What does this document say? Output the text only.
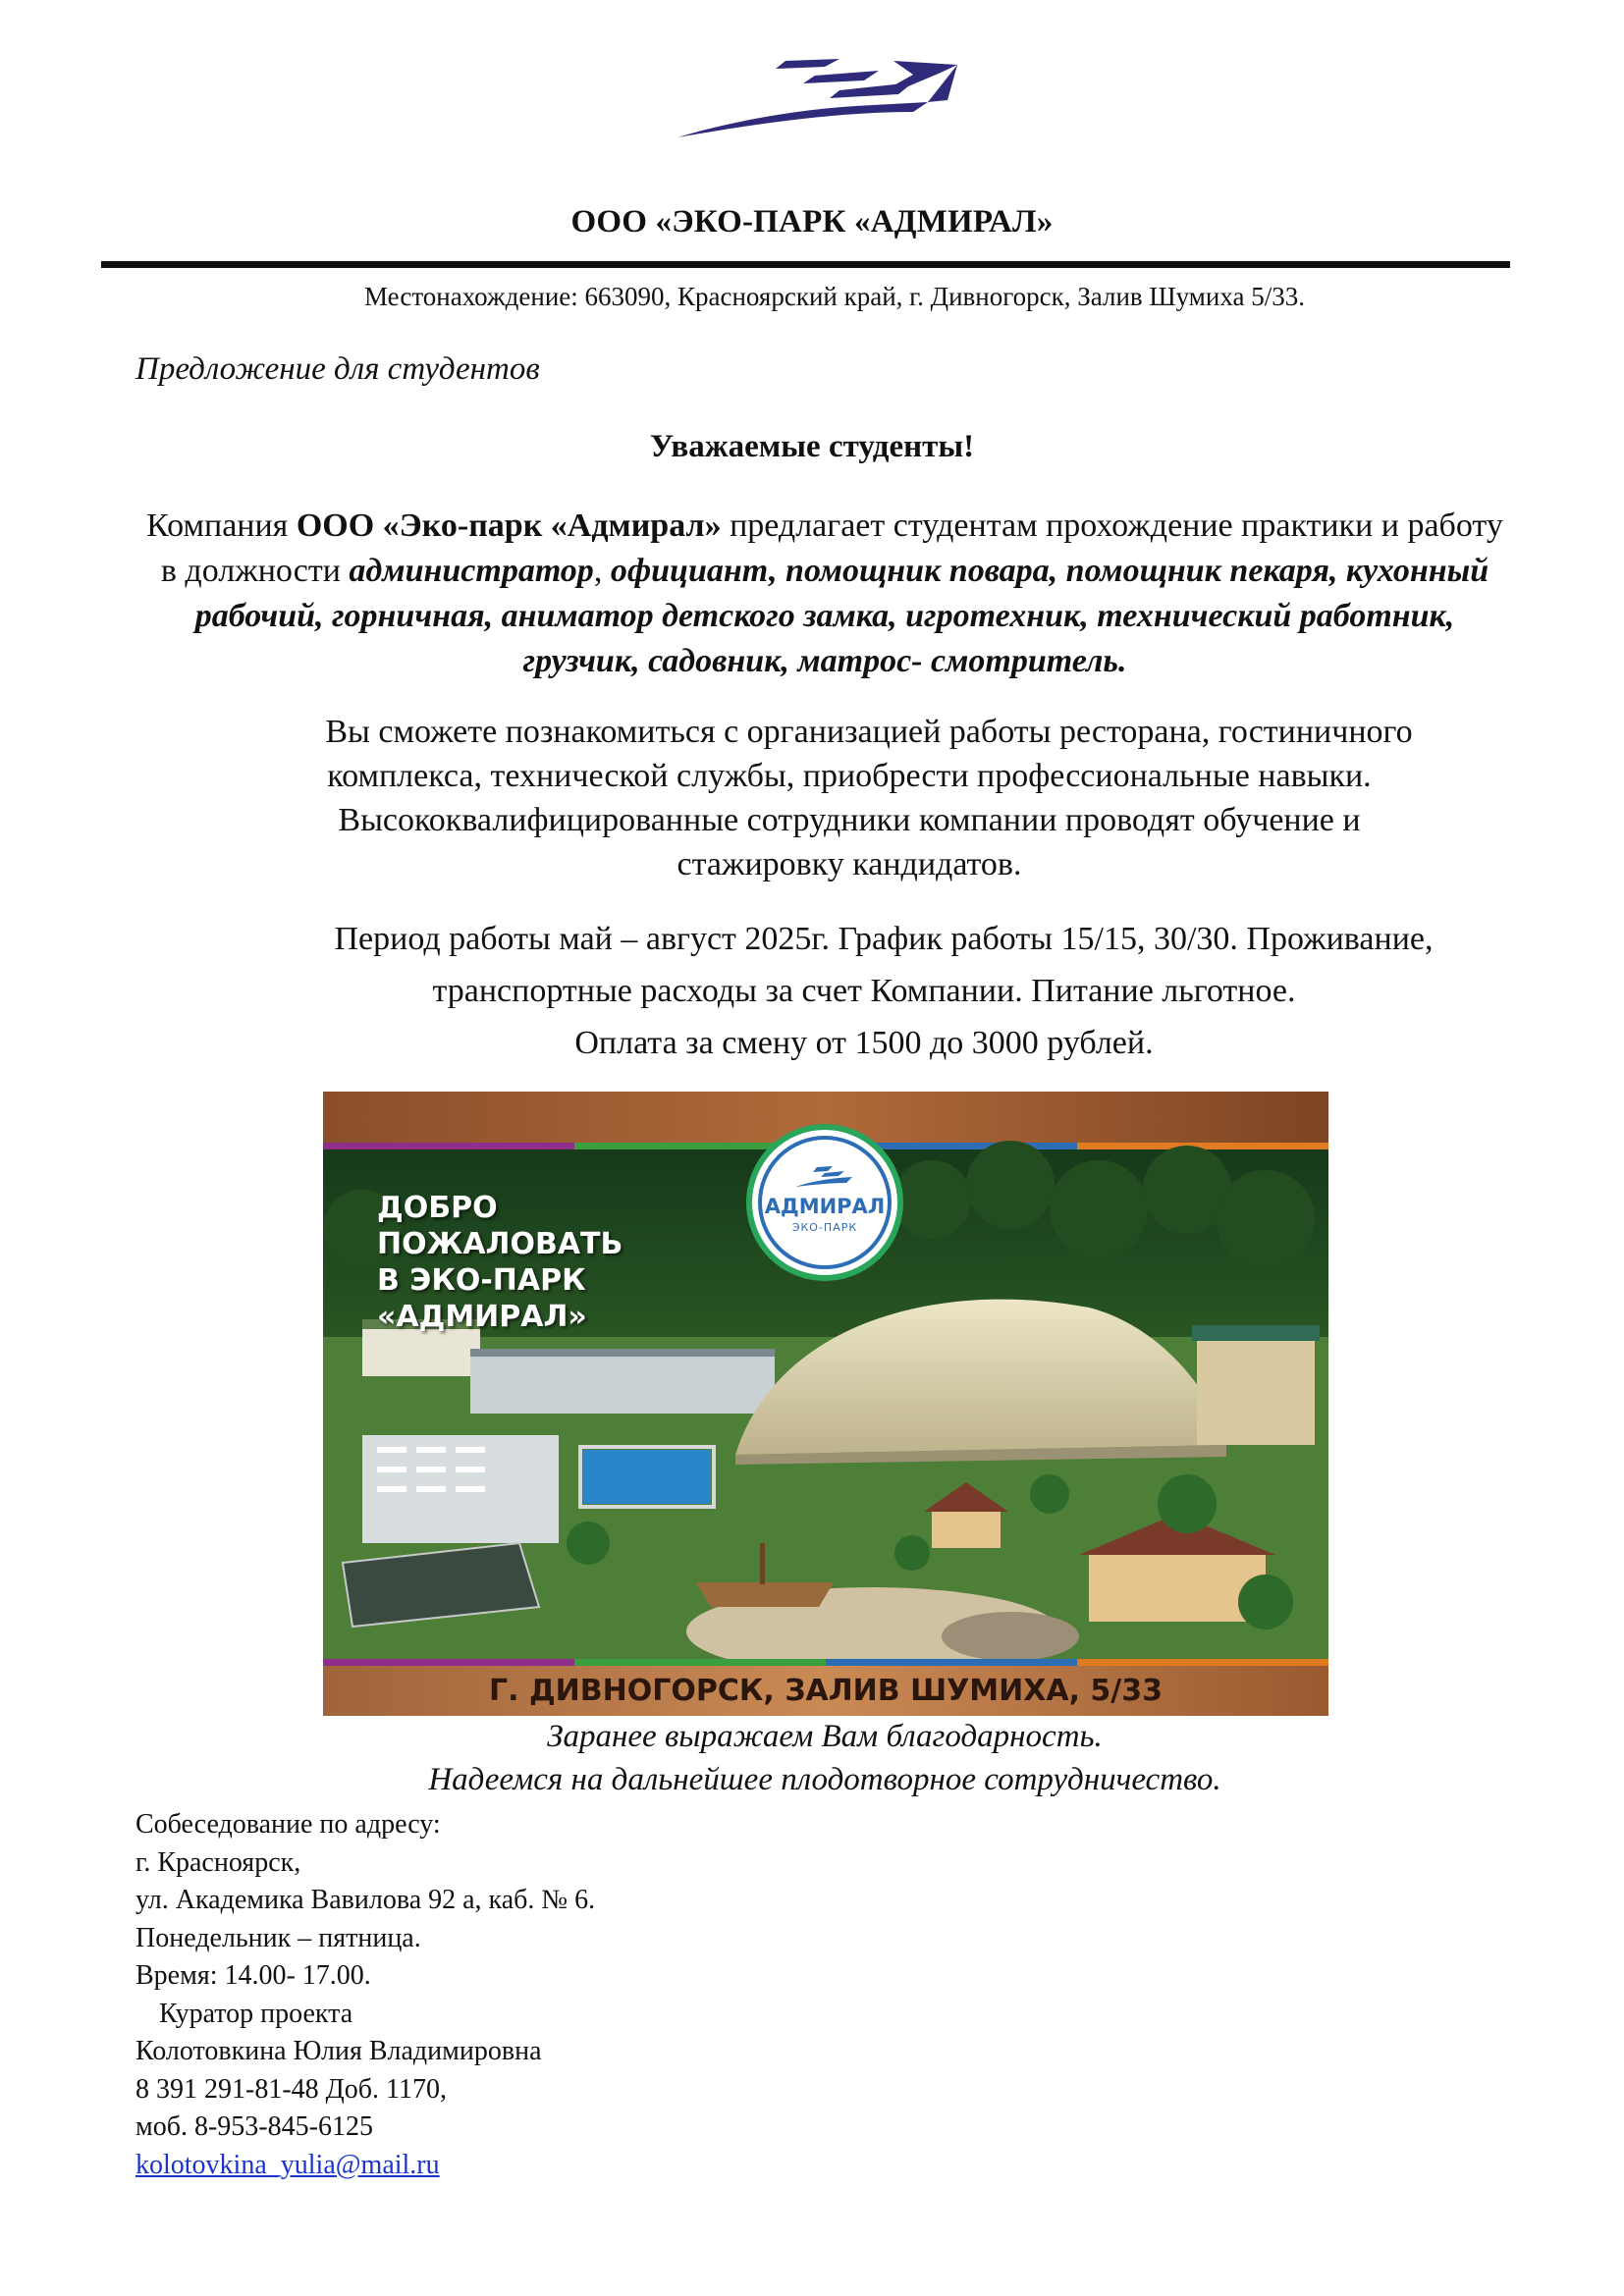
ООО «ЭКО-ПАРК «АДМИРАЛ»
Местонахождение: 663090, Красноярский край, г. Дивногорск, Залив Шумиха 5/33.
Предложение для студентов
Уважаемые студенты!
Компания ООО «Эко-парк «Адмирал» предлагает студентам прохождение практики и работу в должности администратор, официант, помощник повара, помощник пекаря, кухонный рабочий, горничная, аниматор детского замка, игротехник, технический работник, грузчик, садовник, матрос- смотритель.
Вы сможете познакомиться с организацией работы ресторана, гостиничного
комплекса, технической службы, приобрести профессиональные навыки.
Высококвалифицированные сотрудники компании проводят обучение и
стажировку кандидатов.
Период работы май – август 2025г. График работы 15/15, 30/30. Проживание,
транспортные расходы за счет Компании. Питание льготное.
Оплата за смену от 1500 до 3000 рублей.
ДОБРО
ПОЖАЛОВАТЬ
В ЭКО-ПАРК
«АДМИРАЛ»
АДМИРАЛ
ЭКО-ПАРК
Г. ДИВНОГОРСК, ЗАЛИВ ШУМИХА, 5/33
Заранее выражаем Вам благодарность.
Надеемся на дальнейшее плодотворное сотрудничество.
Собеседование по адресу:
г. Красноярск,
ул. Академика Вавилова 92 а, каб. № 6.
Понедельник – пятница.
Время: 14.00- 17.00.
Куратор проекта
Колотовкина Юлия Владимировна
8 391 291-81-48 Доб. 1170,
моб. 8-953-845-6125
kolotovkina_yulia@mail.ru
